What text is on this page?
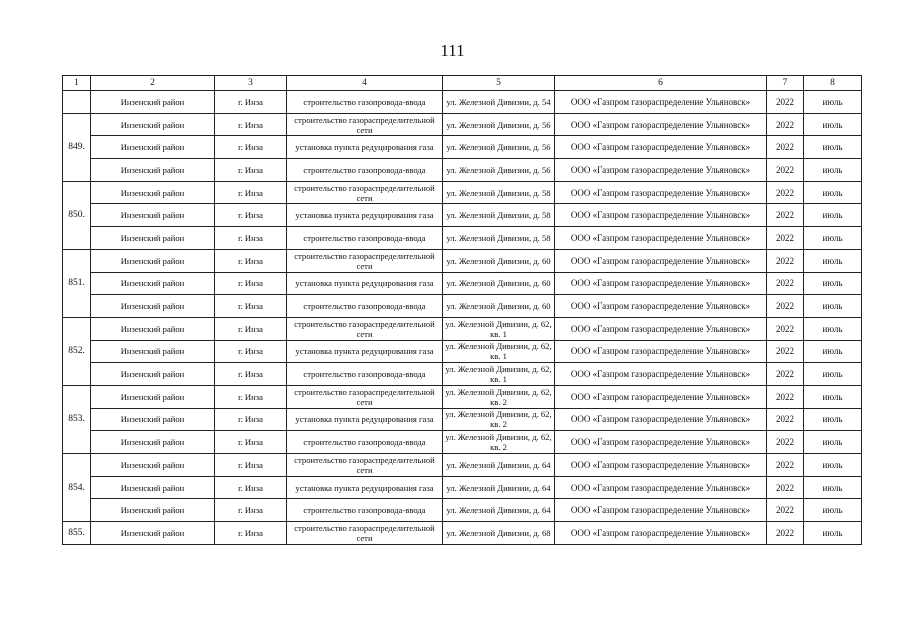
111
1	2	3	4	5	6	7	8
	Инзенский район	г. Инза	строительство газопровода-ввода	ул. Железной Дивизии, д. 54	ООО «Газпром газораспределение Ульяновск»	2022	июль
849.	Инзенский район	г. Инза	строительство газораспределительной сети	ул. Железной Дивизии, д. 56	ООО «Газпром газораспределение Ульяновск»	2022	июль
	Инзенский район	г. Инза	установка пункта редуцирования газа	ул. Железной Дивизии, д. 56	ООО «Газпром газораспределение Ульяновск»	2022	июль
	Инзенский район	г. Инза	строительство газопровода-ввода	ул. Железной Дивизии, д. 56	ООО «Газпром газораспределение Ульяновск»	2022	июль
850.	Инзенский район	г. Инза	строительство газораспределительной сети	ул. Железной Дивизии, д. 58	ООО «Газпром газораспределение Ульяновск»	2022	июль
	Инзенский район	г. Инза	установка пункта редуцирования газа	ул. Железной Дивизии, д. 58	ООО «Газпром газораспределение Ульяновск»	2022	июль
	Инзенский район	г. Инза	строительство газопровода-ввода	ул. Железной Дивизии, д. 58	ООО «Газпром газораспределение Ульяновск»	2022	июль
851.	Инзенский район	г. Инза	строительство газораспределительной сети	ул. Железной Дивизии, д. 60	ООО «Газпром газораспределение Ульяновск»	2022	июль
	Инзенский район	г. Инза	установка пункта редуцирования газа	ул. Железной Дивизии, д. 60	ООО «Газпром газораспределение Ульяновск»	2022	июль
	Инзенский район	г. Инза	строительство газопровода-ввода	ул. Железной Дивизии, д. 60	ООО «Газпром газораспределение Ульяновск»	2022	июль
852.	Инзенский район	г. Инза	строительство газораспределительной сети	ул. Железной Дивизии, д. 62, кв. 1	ООО «Газпром газораспределение Ульяновск»	2022	июль
	Инзенский район	г. Инза	установка пункта редуцирования газа	ул. Железной Дивизии, д. 62, кв. 1	ООО «Газпром газораспределение Ульяновск»	2022	июль
	Инзенский район	г. Инза	строительство газопровода-ввода	ул. Железной Дивизии, д. 62, кв. 1	ООО «Газпром газораспределение Ульяновск»	2022	июль
853.	Инзенский район	г. Инза	строительство газораспределительной сети	ул. Железной Дивизии, д. 62, кв. 2	ООО «Газпром газораспределение Ульяновск»	2022	июль
	Инзенский район	г. Инза	установка пункта редуцирования газа	ул. Железной Дивизии, д. 62, кв. 2	ООО «Газпром газораспределение Ульяновск»	2022	июль
	Инзенский район	г. Инза	строительство газопровода-ввода	ул. Железной Дивизии, д. 62, кв. 2	ООО «Газпром газораспределение Ульяновск»	2022	июль
854.	Инзенский район	г. Инза	строительство газораспределительной сети	ул. Железной Дивизии, д. 64	ООО «Газпром газораспределение Ульяновск»	2022	июль
	Инзенский район	г. Инза	установка пункта редуцирования газа	ул. Железной Дивизии, д. 64	ООО «Газпром газораспределение Ульяновск»	2022	июль
	Инзенский район	г. Инза	строительство газопровода-ввода	ул. Железной Дивизии, д. 64	ООО «Газпром газораспределение Ульяновск»	2022	июль
855.	Инзенский район	г. Инза	строительство газораспределительной сети	ул. Железной Дивизии, д. 68	ООО «Газпром газораспределение Ульяновск»	2022	июль
